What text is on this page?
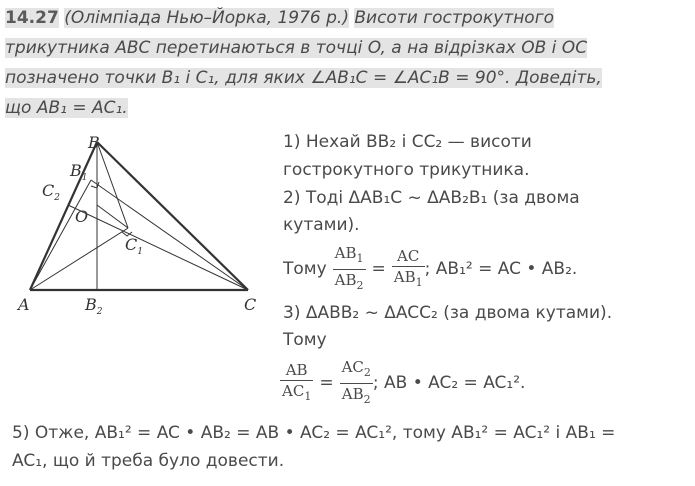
14.27 (Олімпіада Нью–Йорка, 1976 р.) Висоти гострокутного
трикутника ABC перетинаються в точці O, а на відрізках OB і OC
позначено точки B₁ і C₁, для яких ∠AB₁C = ∠AC₁B = 90°. Доведіть,
що AB₁ = AC₁.
B
$B_1$
$C_2$
O
$C_1$
A	$B_2$	C
1) Нехай BB₂ і CC₂ — висоти
гострокутного трикутника.
2) Тоді ΔAB₁C ~ ΔAB₂B₁ (за двома
кутами).
Тому $\frac{AB_1}{AB_2} = \frac{AC}{AB_1}$ ; AB₁² = AC • AB₂.
3) ΔABB₂ ~ ΔACC₂ (за двома кутами).
Тому
$\frac{AB}{AC_1} = \frac{AC_2}{AB_2}$ ; AB • AC₂ = AC₁².
5) Отже, AB₁² = AC • AB₂ = AB • AC₂ = AC₁², тому AB₁² = AC₁² і AB₁ =
AC₁, що й треба було довести.
